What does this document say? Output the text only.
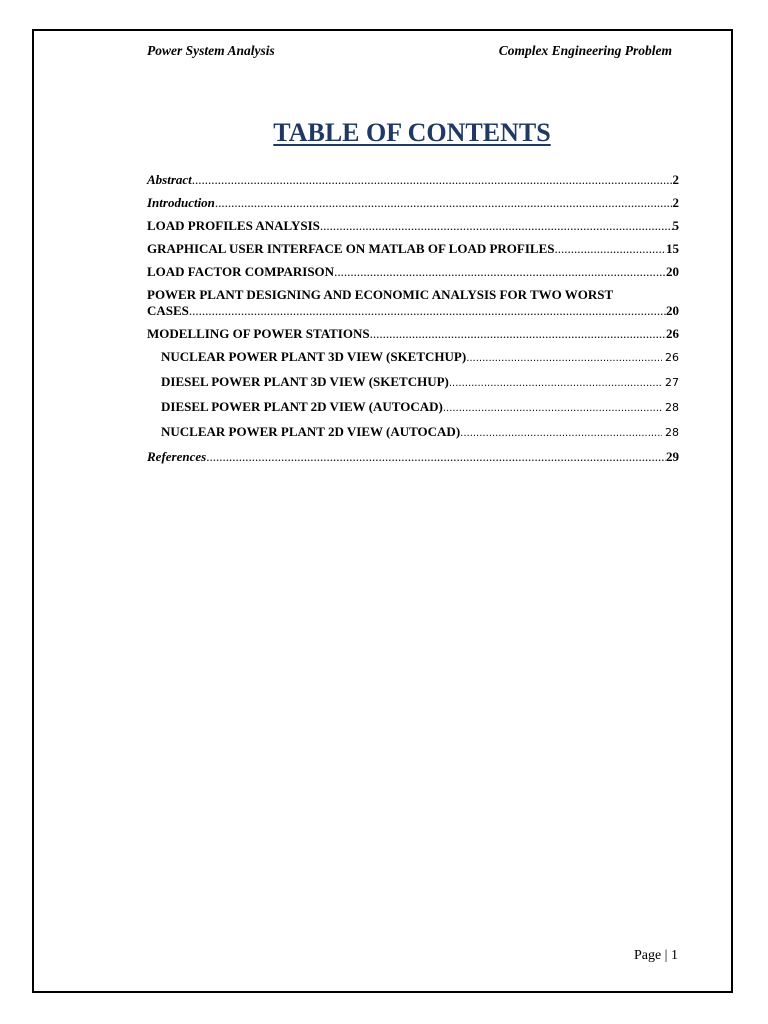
Power System Analysis	Complex Engineering Problem
TABLE OF CONTENTS
Abstract .....	2
Introduction .....	2
LOAD PROFILES ANALYSIS .....	5
GRAPHICAL USER INTERFACE ON MATLAB OF LOAD PROFILES .....	15
LOAD FACTOR COMPARISON .....	20
POWER PLANT DESIGNING AND ECONOMIC ANALYSIS FOR TWO WORST
CASES .....	20
MODELLING OF POWER STATIONS .....	26
NUCLEAR POWER PLANT 3D VIEW (SKETCHUP) .....	26
DIESEL POWER PLANT 3D VIEW (SKETCHUP) .....	27
DIESEL POWER PLANT 2D VIEW (AUTOCAD) .....	28
NUCLEAR POWER PLANT 2D VIEW (AUTOCAD) .....	28
References .....	29
Page | 1
